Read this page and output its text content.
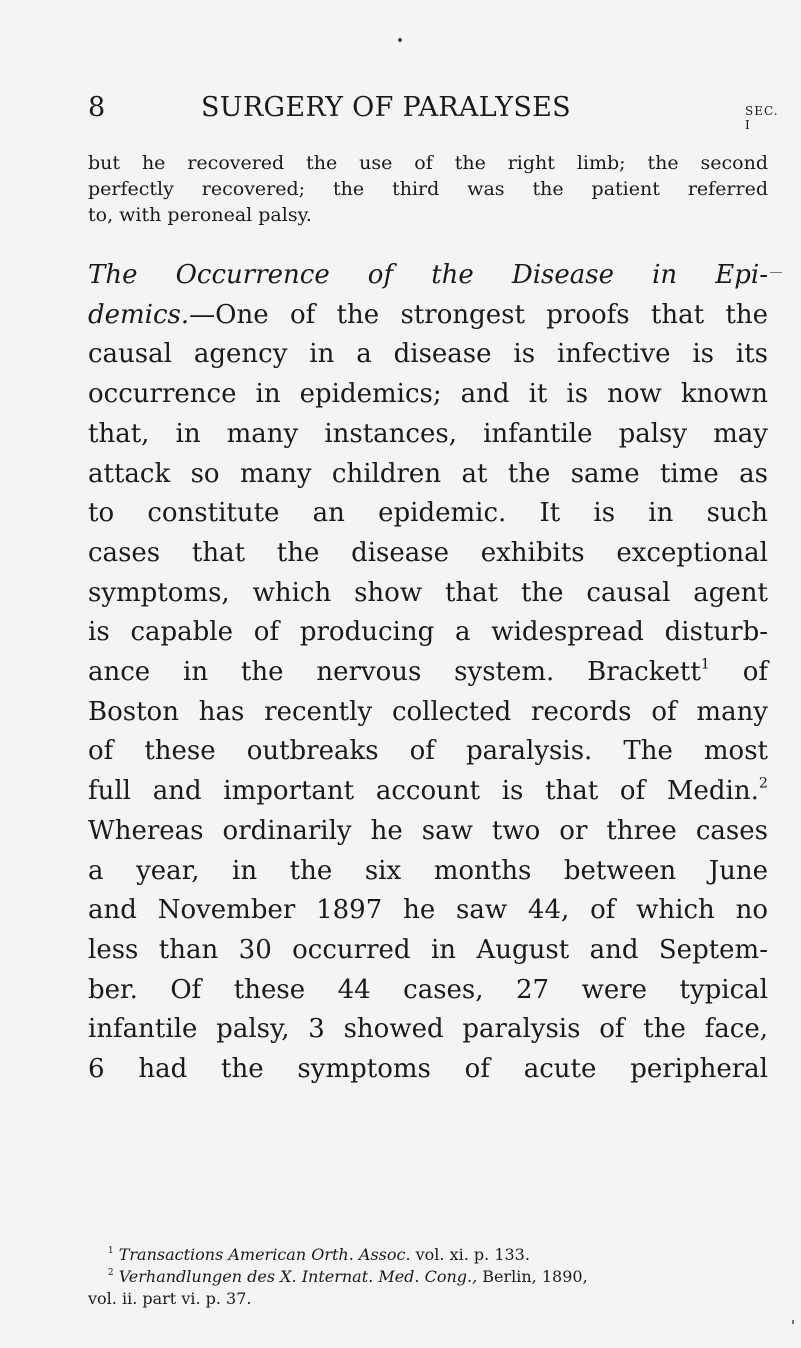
8	SURGERY OF PARALYSES	SEC. I
but he recovered the use of the right limb; the second
perfectly recovered; the third was the patient referred
to, with peroneal palsy.
The Occurrence of the Disease in Epi-
demics.—One of the strongest proofs that the
causal agency in a disease is infective is its
occurrence in epidemics; and it is now known
that, in many instances, infantile palsy may
attack so many children at the same time as
to constitute an epidemic. It is in such
cases that the disease exhibits exceptional
symptoms, which show that the causal agent
is capable of producing a widespread disturb-
ance in the nervous system. Brackett$^1$ of
Boston has recently collected records of many
of these outbreaks of paralysis. The most
full and important account is that of Medin.$^2$
Whereas ordinarily he saw two or three cases
a year, in the six months between June
and November 1897 he saw 44, of which no
less than 30 occurred in August and Septem-
ber. Of these 44 cases, 27 were typical
infantile palsy, 3 showed paralysis of the face,
6 had the symptoms of acute peripheral
$^1$ Transactions American Orth. Assoc. vol. xi. p. 133.
$^2$ Verhandlungen des X. Internat. Med. Cong., Berlin, 1890,
vol. ii. part vi. p. 37.
